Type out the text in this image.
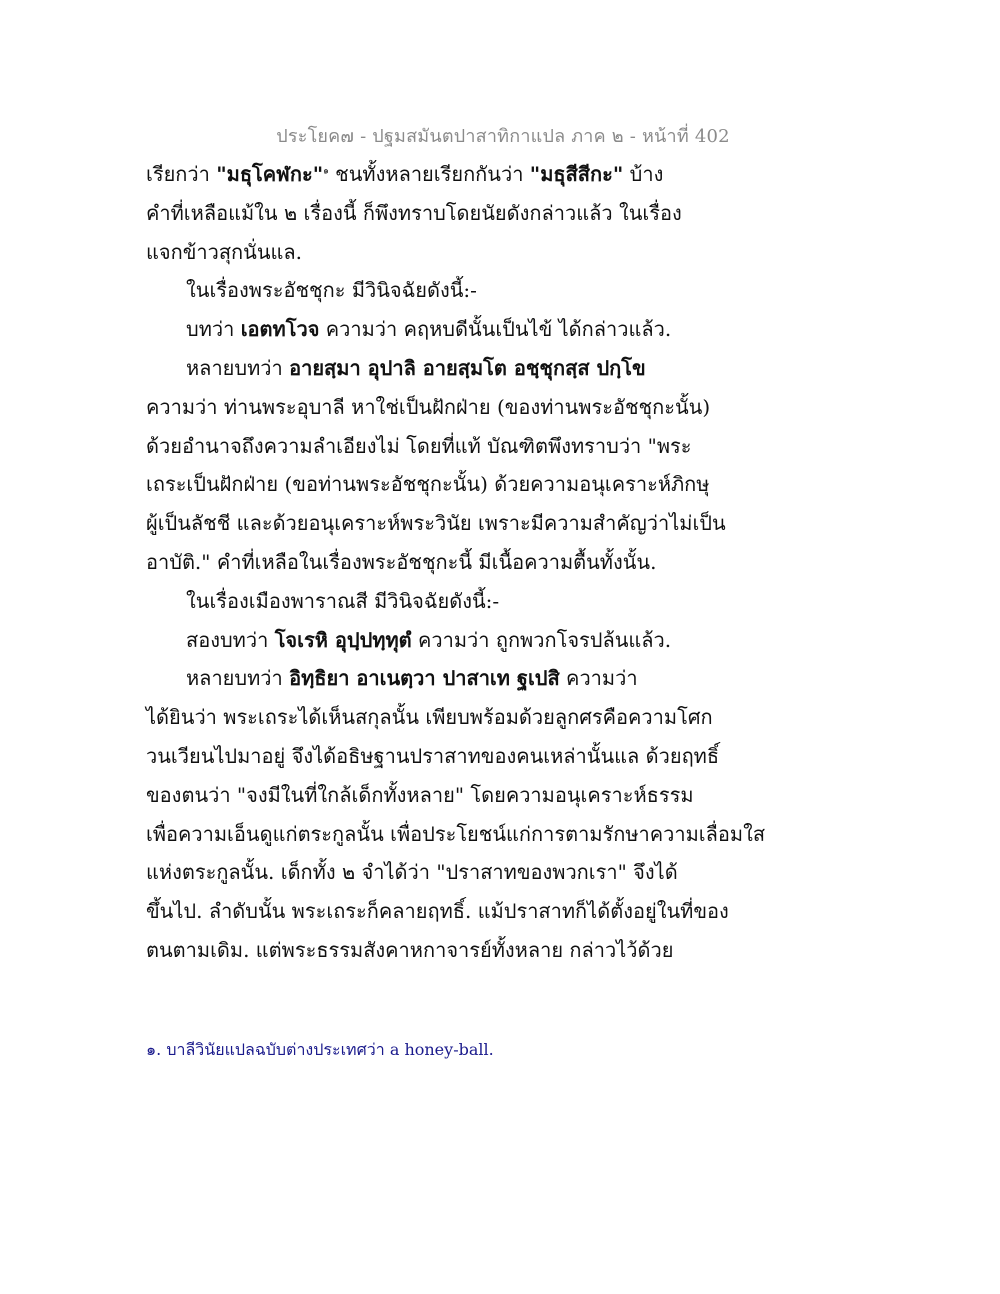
ประโยค๗ - ปฐมสมันตปาสาทิกาแปล ภาค ๒ - หน้าที่ 402
เรียกว่า "มธุโคฬกะ"$^๑$ ชนทั้งหลายเรียกกันว่า "มธุสีสีกะ" บ้าง
คำที่เหลือแม้ใน ๒ เรื่องนี้ ก็พึงทราบโดยนัยดังกล่าวแล้ว ในเรื่อง
แจกข้าวสุกนั่นแล.
ในเรื่องพระอัชชุกะ มีวินิจฉัยดังนี้:-
บทว่า เอตทโวจ ความว่า คฤหบดีนั้นเป็นไข้ ได้กล่าวแล้ว.
หลายบทว่า อายสฺมา อุปาลิ อายสฺมโต อชฺชุกสฺส ปกฺโข
ความว่า ท่านพระอุบาลี หาใช่เป็นฝักฝ่าย (ของท่านพระอัชชุกะนั้น)
ด้วยอำนาจถึงความลำเอียงไม่ โดยที่แท้ บัณฑิตพึงทราบว่า "พระ
เถระเป็นฝักฝ่าย (ขอท่านพระอัชชุกะนั้น) ด้วยความอนุเคราะห์ภิกษุ
ผู้เป็นลัชชี และด้วยอนุเคราะห์พระวินัย เพราะมีความสำคัญว่าไม่เป็น
อาบัติ." คำที่เหลือในเรื่องพระอัชชุกะนี้ มีเนื้อความตื้นทั้งนั้น.
ในเรื่องเมืองพาราณสี มีวินิจฉัยดังนี้:-
สองบทว่า โจเรหิ อุปฺปทฺทุตํ ความว่า ถูกพวกโจรปล้นแล้ว.
หลายบทว่า อิทฺธิยา อาเนตฺวา ปาสาเท ฐเปสิ ความว่า
ได้ยินว่า พระเถระได้เห็นสกุลนั้น เพียบพร้อมด้วยลูกศรคือความโศก
วนเวียนไปมาอยู่ จึงได้อธิษฐานปราสาทของคนเหล่านั้นแล ด้วยฤทธิ์
ของตนว่า "จงมีในที่ใกล้เด็กทั้งหลาย" โดยความอนุเคราะห์ธรรม
เพื่อความเอ็นดูแก่ตระกูลนั้น เพื่อประโยชน์แก่การตามรักษาความเลื่อมใส
แห่งตระกูลนั้น. เด็กทั้ง ๒ จำได้ว่า "ปราสาทของพวกเรา" จึงได้
ขึ้นไป. ลำดับนั้น พระเถระก็คลายฤทธิ์. แม้ปราสาทก็ได้ตั้งอยู่ในที่ของ
ตนตามเดิม. แต่พระธรรมสังคาหกาจารย์ทั้งหลาย กล่าวไว้ด้วย
๑. บาลีวินัยแปลฉบับต่างประเทศว่า a honey-ball.
